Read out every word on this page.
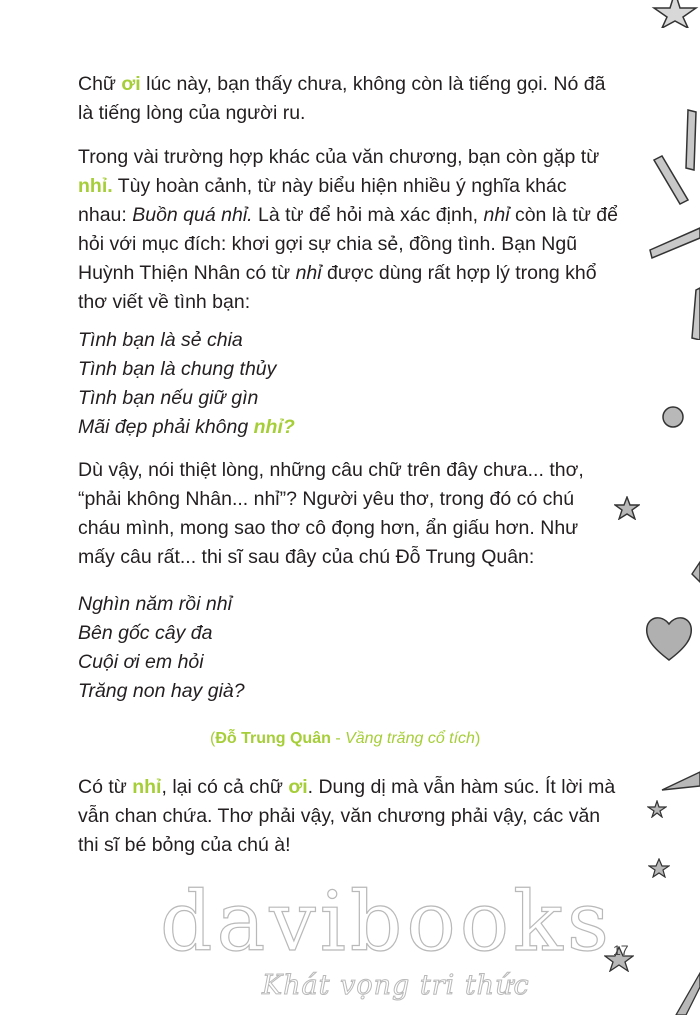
Chữ ơi lúc này, bạn thấy chưa, không còn là tiếng gọi. Nó đã là tiếng lòng của người ru.

Trong vài trường hợp khác của văn chương, bạn còn gặp từ nhỉ. Tùy hoàn cảnh, từ này biểu hiện nhiều ý nghĩa khác nhau: Buồn quá nhỉ. Là từ để hỏi mà xác định, nhỉ còn là từ để hỏi với mục đích: khơi gợi sự chia sẻ, đồng tình. Bạn Ngũ Huỳnh Thiện Nhân có từ nhỉ được dùng rất hợp lý trong khổ thơ viết về tình bạn:

Tình bạn là sẻ chia
Tình bạn là chung thủy
Tình bạn nếu giữ gìn
Mãi đẹp phải không nhỉ?

Dù vậy, nói thiệt lòng, những câu chữ trên đây chưa... thơ, “phải không Nhân... nhỉ”? Người yêu thơ, trong đó có chú cháu mình, mong sao thơ cô đọng hơn, ẩn giấu hơn. Như mấy câu rất... thi sĩ sau đây của chú Đỗ Trung Quân:

Nghìn năm rồi nhỉ
Bên gốc cây đa
Cuội ơi em hỏi
Trăng non hay già?
(Đỗ Trung Quân - Vầng trăng cổ tích)

Có từ nhỉ, lại có cả chữ ơi. Dung dị mà vẫn hàm súc. Ít lời mà vẫn chan chứa. Thơ phải vậy, văn chương phải vậy, các văn thi sĩ bé bỏng của chú à!

davibooks
Khát vọng tri thức
17
